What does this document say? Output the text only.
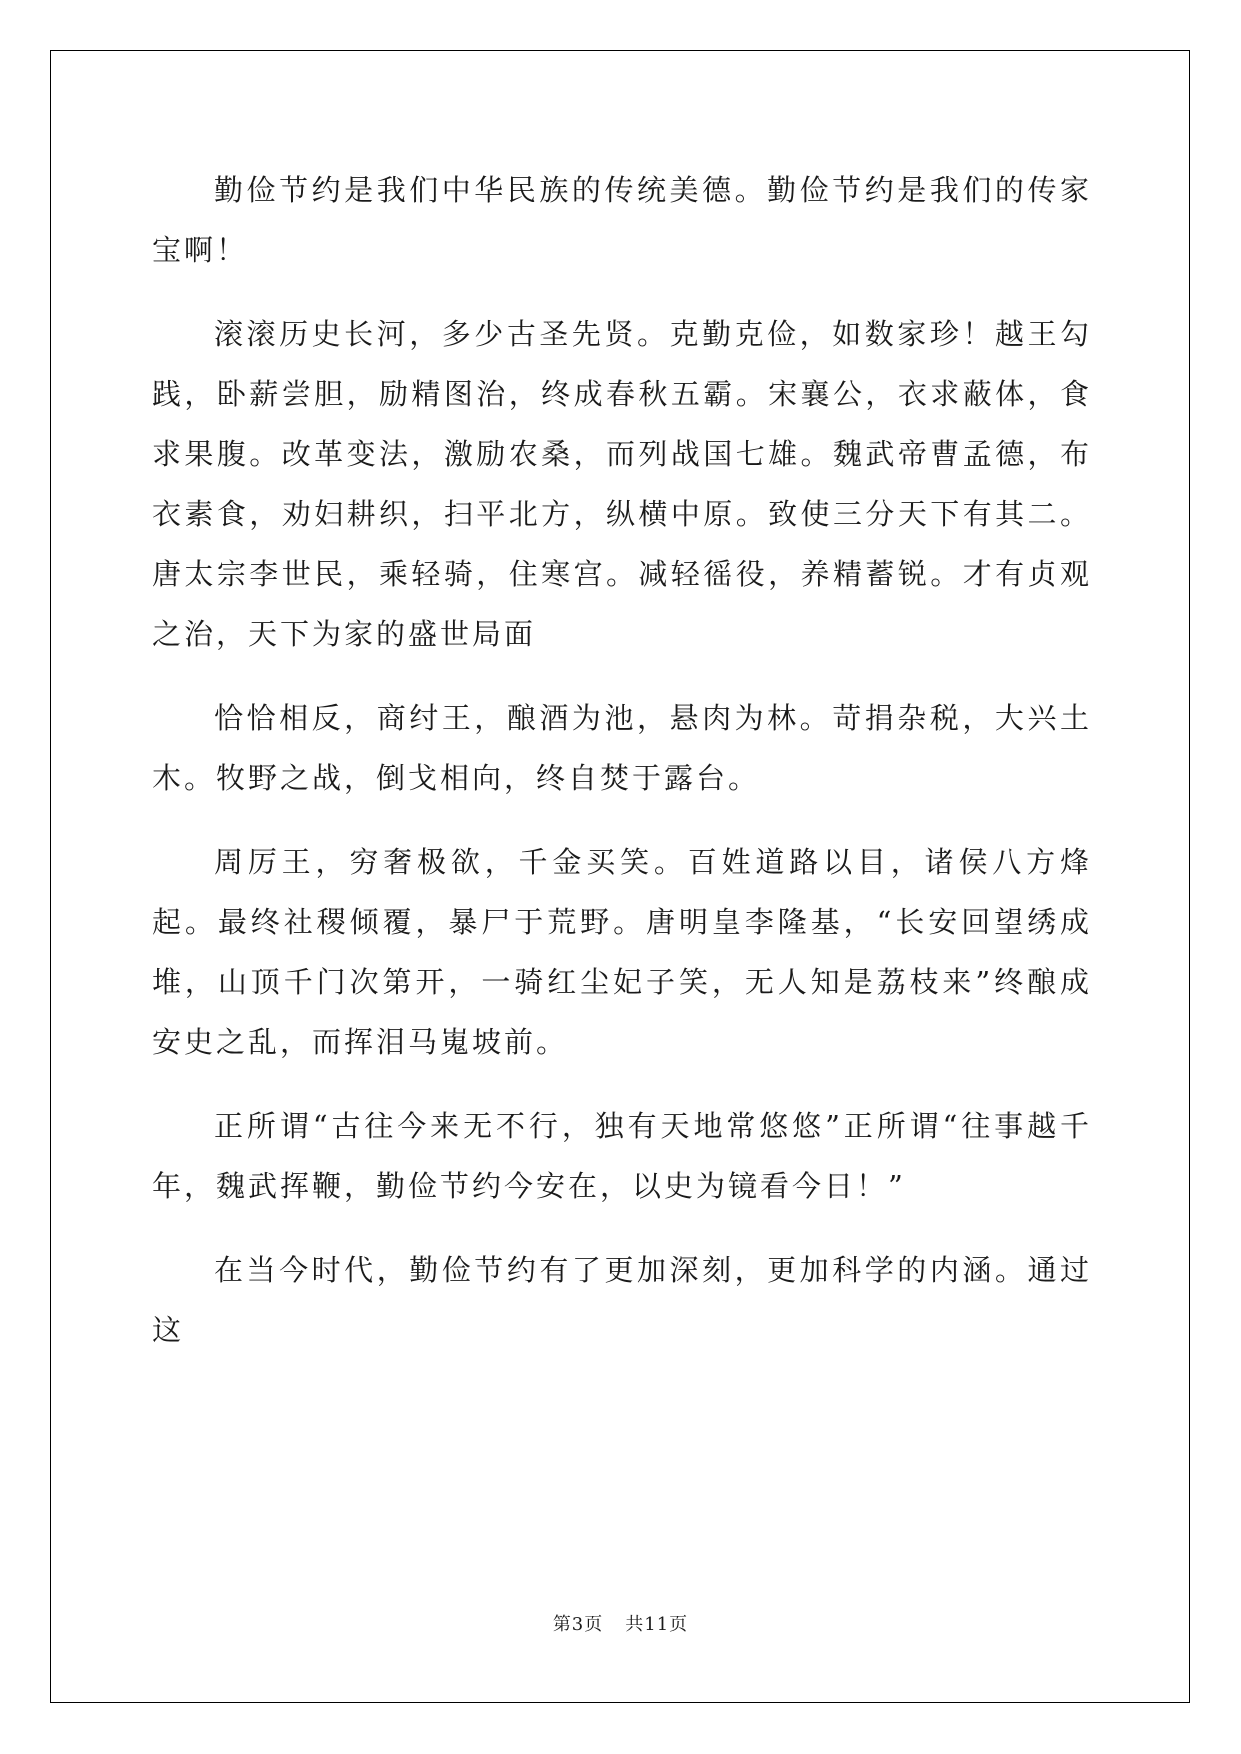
勤俭节约是我们中华民族的传统美德。勤俭节约是我们的传家宝啊！

滚滚历史长河，多少古圣先贤。克勤克俭，如数家珍！越王勾践，卧薪尝胆，励精图治，终成春秋五霸。宋襄公，衣求蔽体，食求果腹。改革变法，激励农桑，而列战国七雄。魏武帝曹孟德，布衣素食，劝妇耕织，扫平北方，纵横中原。致使三分天下有其二。唐太宗李世民，乘轻骑，住寒宫。减轻徭役，养精蓄锐。才有贞观之治，天下为家的盛世局面

恰恰相反，商纣王，酿酒为池，悬肉为林。苛捐杂税，大兴土木。牧野之战，倒戈相向，终自焚于露台。

周厉王，穷奢极欲，千金买笑。百姓道路以目，诸侯八方烽起。最终社稷倾覆，暴尸于荒野。唐明皇李隆基，“长安回望绣成堆，山顶千门次第开，一骑红尘妃子笑，无人知是荔枝来”终酿成安史之乱，而挥泪马嵬坡前。

正所谓“古往今来无不行，独有天地常悠悠”正所谓“往事越千年，魏武挥鞭，勤俭节约今安在，以史为镜看今日！”

在当今时代，勤俭节约有了更加深刻，更加科学的内涵。通过这

第3页 共11页
